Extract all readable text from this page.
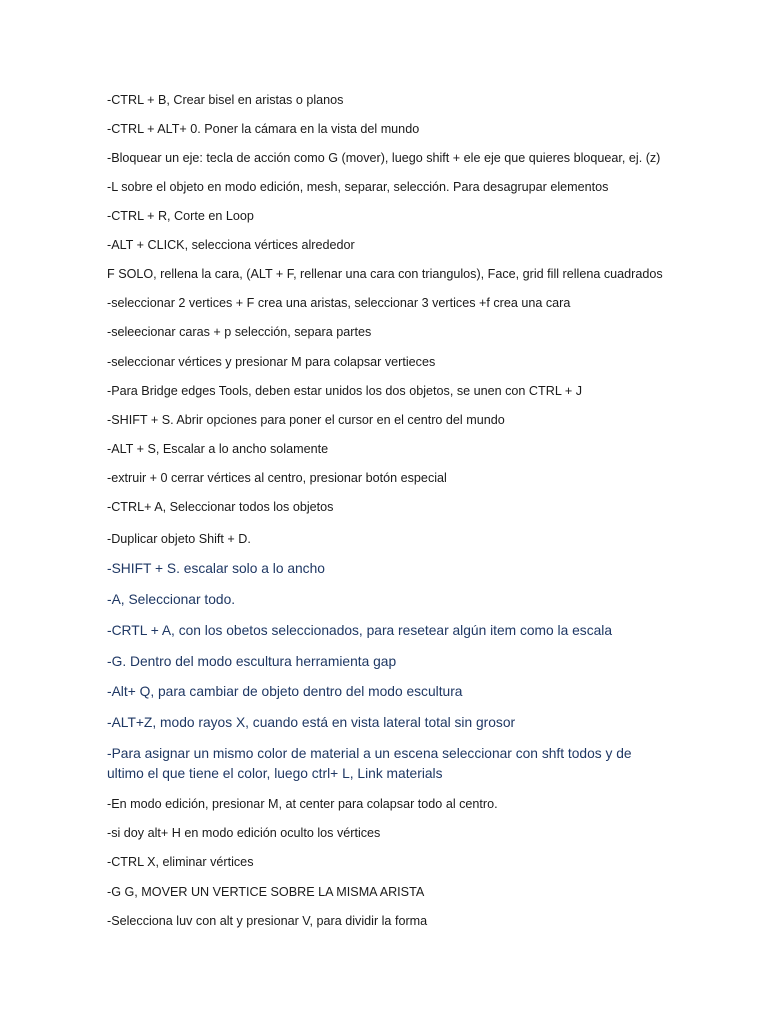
-CTRL + B, Crear bisel en aristas o planos

-CTRL + ALT+ 0. Poner la cámara en la vista del mundo

-Bloquear un eje: tecla de acción como G (mover), luego shift + ele eje que quieres bloquear, ej. (z)

-L sobre el objeto en modo edición, mesh, separar, selección. Para desagrupar elementos

-CTRL + R, Corte en Loop

-ALT + CLICK, selecciona vértices alrededor

F SOLO, rellena la cara, (ALT + F, rellenar una cara con triangulos), Face, grid fill rellena cuadrados

-seleccionar 2 vertices + F crea una aristas, seleccionar 3 vertices +f crea una cara

-seleecionar caras + p selección, separa partes

-seleccionar vértices y presionar M para colapsar vertieces

-Para Bridge edges Tools, deben estar unidos los dos objetos, se unen con CTRL + J

-SHIFT + S. Abrir opciones para poner el cursor en el centro del mundo

-ALT + S, Escalar a lo ancho solamente

-extruir + 0 cerrar vértices al centro, presionar botón especial

-CTRL+ A, Seleccionar todos los objetos

-Duplicar objeto Shift + D.

-SHIFT + S. escalar solo a lo ancho

-A, Seleccionar todo.

-CRTL + A, con los obetos seleccionados, para resetear algún item como la escala

-G. Dentro del modo escultura herramienta gap

-Alt+ Q, para cambiar de objeto dentro del modo escultura

-ALT+Z, modo rayos X, cuando está en vista lateral total sin grosor

-Para asignar un mismo color de material a un escena seleccionar con shft todos y de ultimo el que tiene el color, luego ctrl+ L, Link materials

-En modo edición, presionar M, at center para colapsar todo al centro.

-si doy alt+ H en modo edición oculto los vértices

-CTRL X, eliminar vértices

-G G, MOVER UN VERTICE SOBRE LA MISMA ARISTA

-Selecciona luv con alt y presionar V, para dividir la forma
